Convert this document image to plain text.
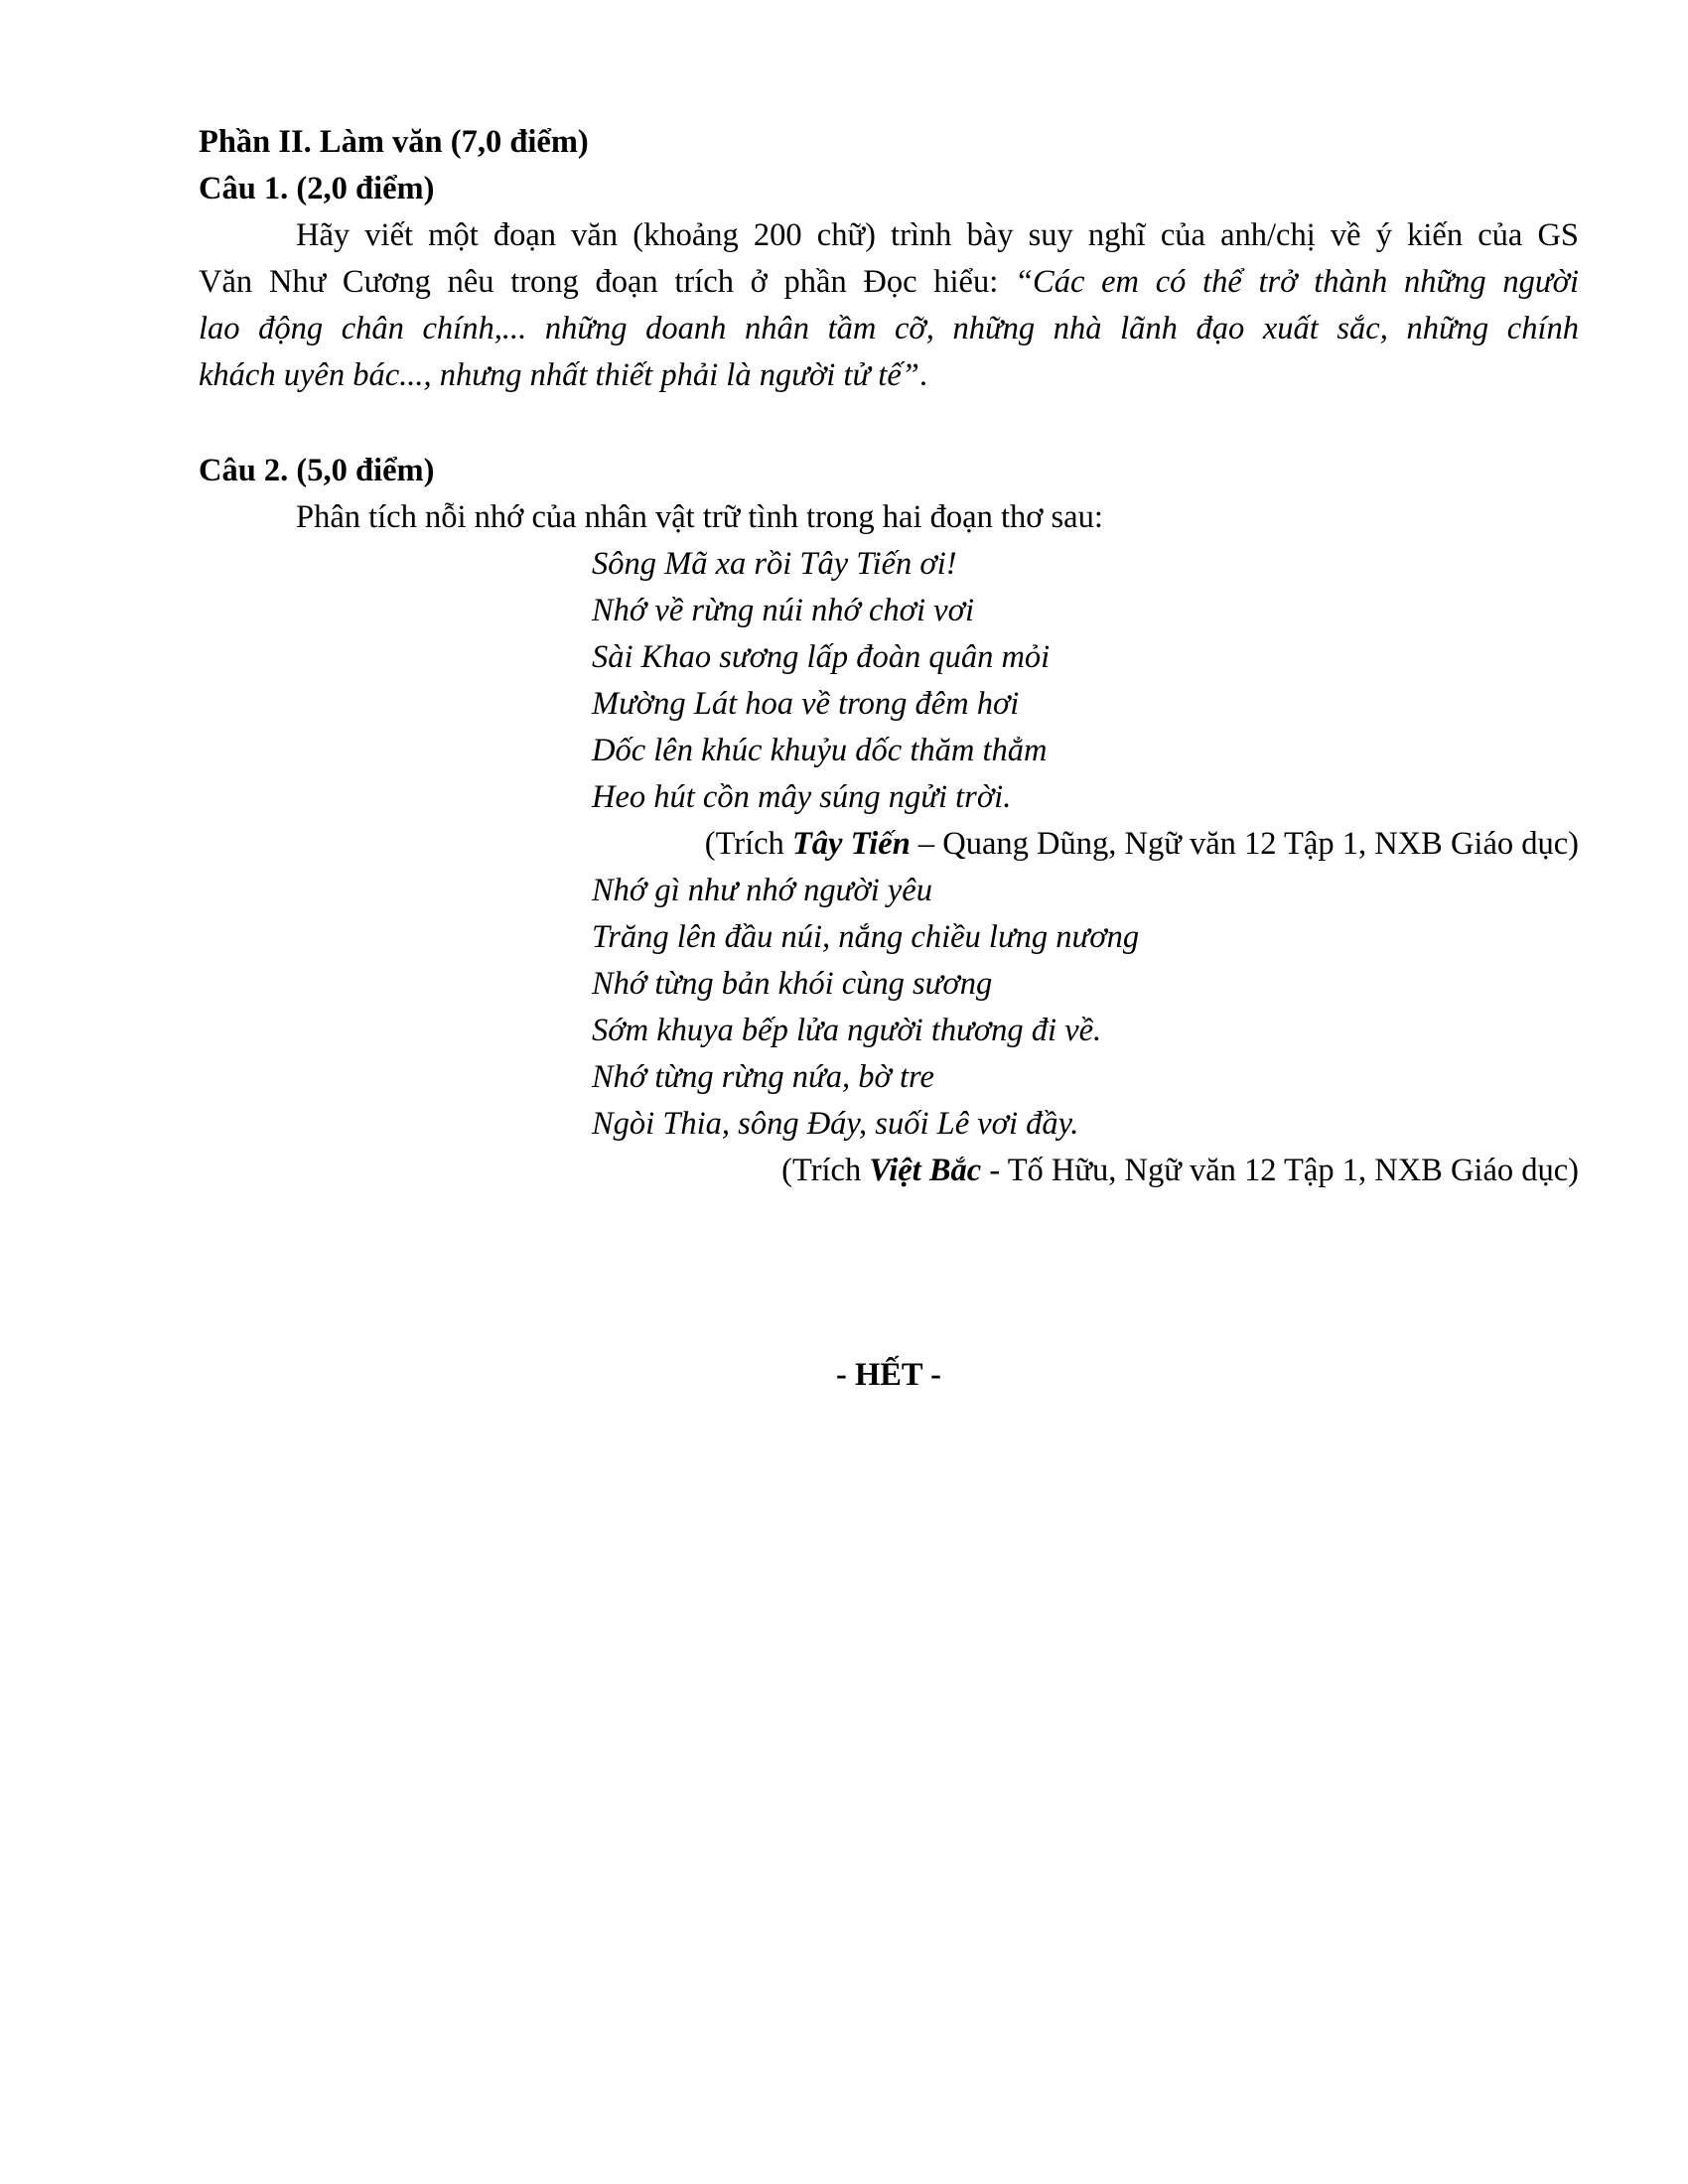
Phần II. Làm văn (7,0 điểm)

Câu 1. (2,0 điểm)

Hãy viết một đoạn văn (khoảng 200 chữ) trình bày suy nghĩ của anh/chị về ý kiến của GS

Văn Như Cương nêu trong đoạn trích ở phần Đọc hiểu: “Các em có thể trở thành những người

lao động chân chính,... những doanh nhân tầm cỡ, những nhà lãnh đạo xuất sắc, những chính

khách uyên bác..., nhưng nhất thiết phải là người tử tế”.

Câu 2. (5,0 điểm)

Phân tích nỗi nhớ của nhân vật trữ tình trong hai đoạn thơ sau:

Sông Mã xa rồi Tây Tiến ơi!

Nhớ về rừng núi nhớ chơi vơi

Sài Khao sương lấp đoàn quân mỏi

Mường Lát hoa về trong đêm hơi

Dốc lên khúc khuỷu dốc thăm thẳm

Heo hút cồn mây súng ngửi trời.

(Trích Tây Tiến – Quang Dũng, Ngữ văn 12 Tập 1, NXB Giáo dục)

Nhớ gì như nhớ người yêu

Trăng lên đầu núi, nắng chiều lưng nương

Nhớ từng bản khói cùng sương

Sớm khuya bếp lửa người thương đi về.

Nhớ từng rừng nứa, bờ tre

Ngòi Thia, sông Đáy, suối Lê vơi đầy.

(Trích Việt Bắc - Tố Hữu, Ngữ văn 12 Tập 1, NXB Giáo dục)

- HẾT -
